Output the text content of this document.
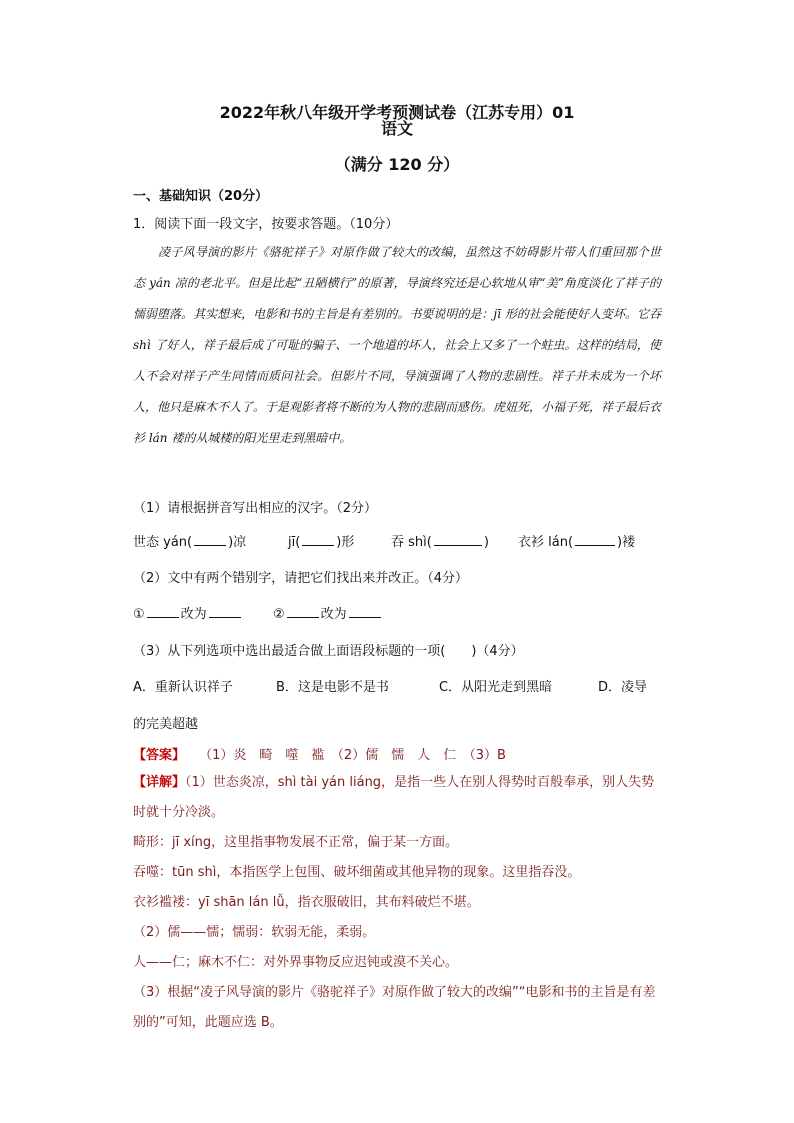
2022年秋八年级开学考预测试卷（江苏专用）01
语文
（满分 120 分）
一、基础知识（20分）
1．阅读下面一段文字，按要求答题。（10分）

凌子风导演的影片《骆驼祥子》对原作做了较大的改编，虽然这不妨碍影片带人们重回那个世态 yán 凉的老北平。但是比起“丑陋横行”的原著，导演终究还是心软地从审“美”角度淡化了祥子的懦弱堕落。其实想来，电影和书的主旨是有差别的。书要说明的是：jī 形的社会能使好人变坏。它吞 shì 了好人，祥子最后成了可耻的骗子、一个地道的坏人，社会上又多了一个蛀虫。这样的结局，使人不会对祥子产生同情而质问社会。但影片不同，导演强调了人物的悲剧性。祥子并未成为一个坏人，他只是麻木不人了。于是观影者将不断的为人物的悲剧而感伤。虎妞死，小福子死，祥子最后衣衫 lán 褛的从城楼的阳光里走到黑暗中。

（1）请根据拼音写出相应的汉字。（2分）
世态 yán(	)凉	jī(	)形	吞 shì(	) 衣衫 lán(	)褛
（2）文中有两个错别字，请把它们找出来并改正。（4分）
①	改为	②	改为
（3）从下列选项中选出最适合做上面语段标题的一项(　　)（4分）
A．重新认识祥子	B．这是电影不是书	C．从阳光走到黑暗	D．凌导
的完美超越
【答案】 （1）炎　畸　噬　褴　（2）儒　懦　人　仁　（3）B

【详解】（1）世态炎凉，shì tài yán liáng，是指一些人在别人得势时百般奉承，别人失势时就十分冷淡。

畸形：jī xíng，这里指事物发展不正常，偏于某一方面。

吞噬：tūn shì，本指医学上包围、破坏细菌或其他异物的现象。这里指吞没。

衣衫褴褛：yī shān lán lǚ，指衣服破旧，其布料破烂不堪。

（2）儒——懦；懦弱：软弱无能，柔弱。

人——仁；麻木不仁：对外界事物反应迟钝或漠不关心。

（3）根据“凌子风导演的影片《骆驼祥子》对原作做了较大的改编”“电影和书的主旨是有差别的”可知，此题应选 B。
